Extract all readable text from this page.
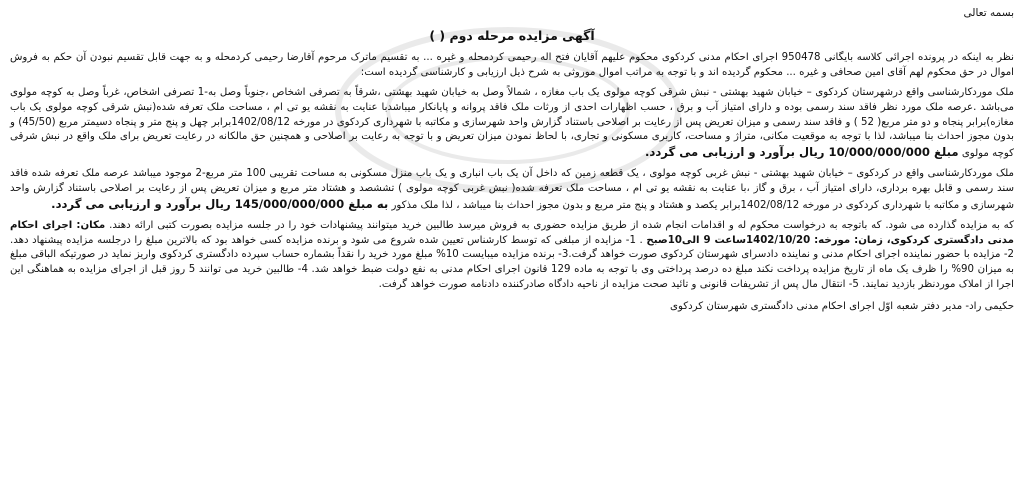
بسمه تعالی
آگهی مزایده مرحله دوم ( )

نظر به اینکه در پرونده اجرائی کلاسه بایگانی 950478 اجرای احکام مدنی کردکوی محکوم علیهم آقایان فتح اله رحیمی کردمحله و غیره ... به تقسیم ماترک مرحوم آقارضا رحیمی کردمحله و به جهت قابل تقسیم نبودن آن حکم به فروش اموال در حق محکوم لهم آقای امین صحافی و غیره ... محکوم گردیده اند و با توجه به مراتب اموال موروثی به شرح ذیل ارزیابی و کارشناسی گردیده است:

ملک موردکارشناسی واقع درشهرستان کردکوی – خیابان شهید بهشتی - نبش شرقی کوچه مولوی یک باب مغازه ، شمالاً وصل به خیابان شهید بهشتی ،شرقاً به تصرفی اشخاص ،جنوباً وصل به-1 تصرفی اشخاص، غرباً وصل به کوچه مولوی می‌باشد .عرصه ملک مورد نظر فاقد سند رسمی بوده و دارای امتیاز آب و برق ، حسب اظهارات احدی از ورثات ملک فاقد پروانه و پایانکار میباشدبا عنایت به نقشه یو تی ام ، مساحت ملک تعرفه شده(نبش شرقی کوچه مولوی یک باب مغازه)برابر پنجاه و دو متر مربع( 52 ) و فاقد سند رسمی و میزان تعریض پس از رعایت بر اصلاحی باستناد گزارش واحد شهرسازی و مکاتبه با شهرداری کردکوی در مورخه 1402/08/12برابر چهل و پنج متر و پنجاه دسیمتر مربع (45/50) و بدون مجوز احداث بنا میباشد، لذا با توجه به موقعیت مکانی، متراژ و مساحت، کاربری مسکونی و تجاری، با لحاظ نمودن میزان تعریض و با توجه به رعایت بر اصلاحی و همچنین حق مالکانه در رعایت تعریض برای ملک واقع در نبش شرقی کوچه مولوی مبلغ 10/000/000/000 ریال برآورد و ارزیابی می گردد.

ملک موردکارشناسی واقع در کردکوی – خیابان شهید بهشتی - نبش غربی کوچه مولوی ، یک قطعه زمین که داخل آن یک باب انباری و یک باب منزل مسکونی به مساحت تقریبی 100 متر مربع-2 موجود میباشد عرصه ملک تعرفه شده فاقد سند رسمی و قابل بهره برداری، دارای امتیاز آب ، برق و گاز ،با عنایت به نقشه یو تی ام ، مساحت ملک تعرفه شده( نبش غربی کوچه مولوی ) تششصد و هشتاد متر مربع و میزان تعریض پس از رعایت بر اصلاحی باستناد گزارش واحد شهرسازی و مکاتبه با شهرداری کردکوی در مورخه 1402/08/12برابر یکصد و هشتاد و پنج متر مربع و بدون مجوز احداث بنا میباشد ، لذا ملک مذکور به مبلغ 145/000/000/000 ریال برآورد و ارزیابی می گردد.

که به مزایده گذارده می شود. که باتوجه به درخواست محکوم له و اقدامات انجام شده از طریق مزایده حضوری به فروش میرسد طالبین خرید میتوانند پیشنهادات خود را در جلسه مزایده بصورت کتبی ارائه دهند. مکان: اجرای احکام مدنی دادگستری کردکوی، زمان: مورخه: 1402/10/20ساعت 9 الی10صبح . 1- مزایده از مبلغی که توسط کارشناس تعیین شده شروع می شود و برنده مزایده کسی خواهد بود که بالاترین مبلغ را درجلسه مزایده پیشنهاد دهد. 2- مزایده با حضور نماینده اجرای احکام مدنی و نماینده دادسرای شهرستان کردکوی صورت خواهد گرفت.3- برنده مزایده میبایست 10% مبلغ مورد خرید را نقداً بشماره حساب سپرده دادگستری کردکوی واریز نماید در صورتیکه الباقی مبلغ به میزان 90% را ظرف یک ماه از تاریخ مزایده پرداخت نکند مبلغ ده درصد پرداختی وی با توجه به ماده 129 قانون اجرای احکام مدنی به نفع دولت ضبط خواهد شد. 4- طالبین خرید می توانند 5 روز قبل از اجرای مزایده به هماهنگی این اجرا از املاک موردنظر بازدید نمایند. 5- انتقال مال پس از تشریفات قانونی و تائید صحت مزایده از ناحیه دادگاه صادرکننده دادنامه صورت خواهد گرفت.

حکیمی راد- مدیر دفتر شعبه اوّل اجرای احکام مدنی دادگستری شهرستان کردکوی
